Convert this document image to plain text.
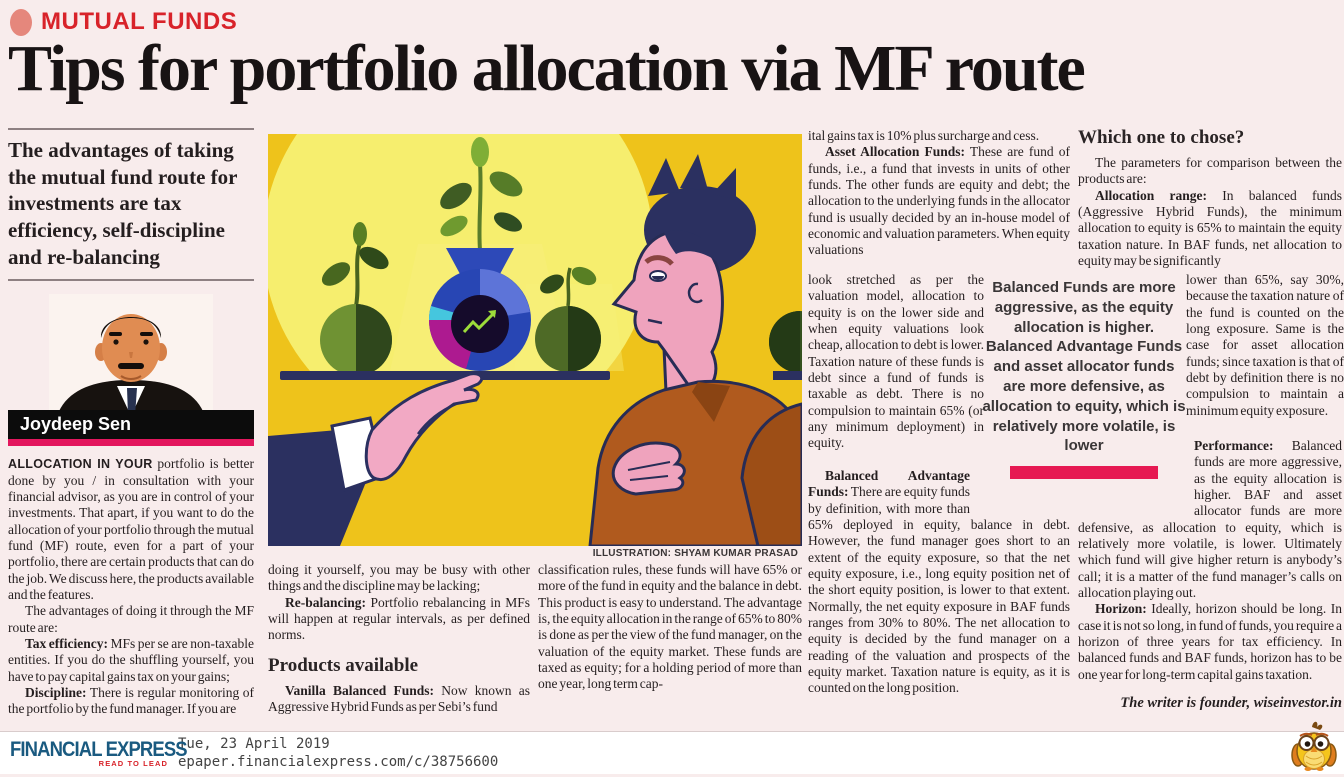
MUTUAL FUNDS
Tips for portfolio allocation via MF route
The advantages of taking the mutual fund route for investments are tax efficiency, self-discipline and re-balancing
Joydeep Sen

ALLOCATION IN YOUR portfolio is better done by you / in consultation with your financial advisor, as you are in control of your investments. That apart, if you want to do the allocation of your portfolio through the mutual fund (MF) route, even for a part of your portfolio, there are certain products that can do the job. We discuss here, the products available and the features.

The advantages of doing it through the MF route are:

Tax efficiency: MFs per se are non-taxable entities. If you do the shuffling yourself, you have to pay capital gains tax on your gains;

Discipline: There is regular monitoring of the portfolio by the fund manager. If you are

ILLUSTRATION: SHYAM KUMAR PRASAD

doing it yourself, you may be busy with other things and the discipline may be lacking;

Re-balancing: Portfolio rebalancing in MFs will happen at regular intervals, as per defined norms.

Products available

Vanilla Balanced Funds: Now known as Aggressive Hybrid Funds as per Sebi’s fund

classification rules, these funds will have 65% or more of the fund in equity and the balance in debt. This product is easy to understand. The advantage is, the equity allocation in the range of 65% to 80% is done as per the view of the fund manager, on the valuation of the equity market. These funds are taxed as equity; for a holding period of more than one year, long term cap-

ital gains tax is 10% plus surcharge and cess.

Asset Allocation Funds: These are fund of funds, i.e., a fund that invests in units of other funds. The other funds are equity and debt; the allocation to the underlying funds in the allocator fund is usually decided by an in-house model of economic and valuation parameters. When equity valuations

look stretched as per the valuation model, allocation to equity is on the lower side and when equity valuations look cheap, allocation to debt is lower. Taxation nature of these funds is debt since a fund of funds is taxable as debt. There is no compulsion to maintain 65% (or any minimum deployment) in equity.

Balanced Advantage Funds: There are equity funds by definition, with more than 65% deployed in equity, balance in debt. However, the fund manager goes short to an extent of the equity exposure, so that the net equity exposure, i.e., long equity position net of the short equity position, is lower to that extent. Normally, the net equity exposure in BAF funds ranges from 30% to 80%. The net allocation to equity is decided by the fund manager on a reading of the valuation and prospects of the equity market. Taxation nature is equity, as it is counted on the long position.

Balanced Funds are more aggressive, as the equity allocation is higher. Balanced Advantage Funds and asset allocator funds are more defensive, as allocation to equity, which is relatively more volatile, is lower
Which one to chose?

The parameters for comparison between the products are:

Allocation range: In balanced funds (Aggressive Hybrid Funds), the minimum allocation to equity is 65% to maintain the equity taxation nature. In BAF funds, net allocation to equity may be significantly

lower than 65%, say 30%, because the taxation nature of the fund is counted on the long exposure. Same is the case for asset allocation funds; since taxation is that of debt by definition there is no compulsion to maintain a minimum equity exposure.

Performance: Balanced funds are more aggressive, as the equity allocation is higher. BAF and asset allocator funds are more defensive, as allocation to equity, which is relatively more volatile, is lower. Ultimately which fund will give higher return is anybody’s call; it is a matter of the fund manager’s calls on allocation playing out.

Horizon: Ideally, horizon should be long. In case it is not so long, in fund of funds, you require a horizon of three years for tax efficiency. In balanced funds and BAF funds, horizon has to be one year for long-term capital gains taxation.

The writer is founder, wiseinvestor.in
FINANCIAL EXPRESS
READ TO LEAD
Tue, 23 April 2019
epaper.financialexpress.com/c/38756600
